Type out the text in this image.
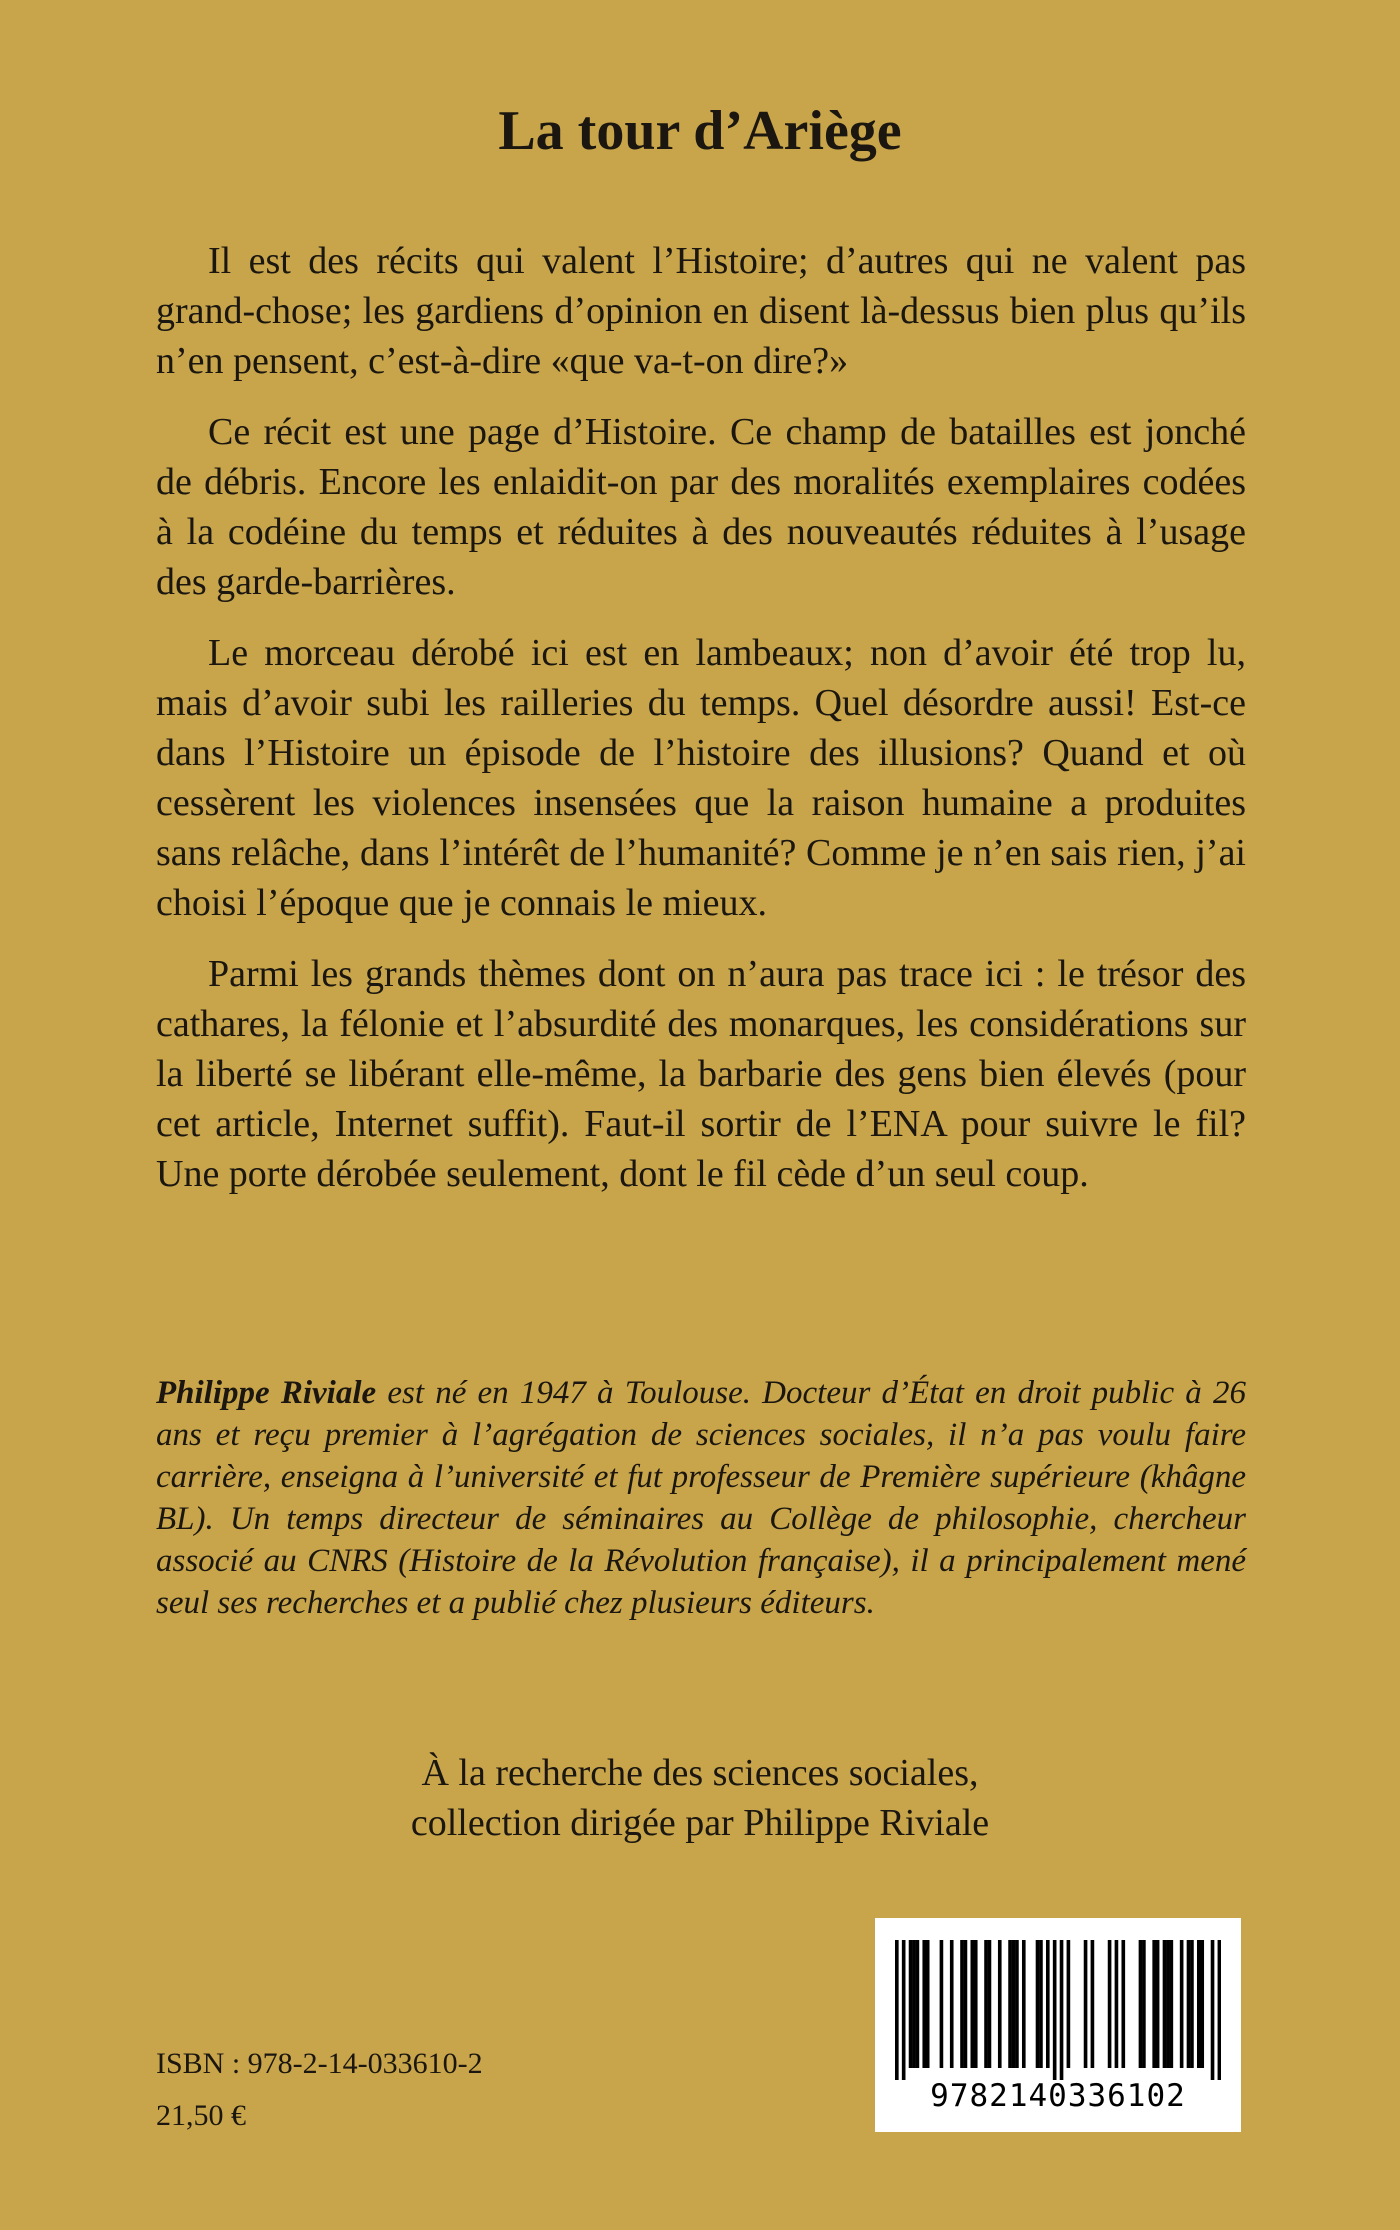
La tour d’Ariège

Il est des récits qui valent l’Histoire; d’autres qui ne valent pas grand-chose; les gardiens d’opinion en disent là-dessus bien plus qu’ils n’en pensent, c’est-à-dire «que va-t-on dire?»

Ce récit est une page d’Histoire. Ce champ de batailles est jonché de débris. Encore les enlaidit-on par des moralités exemplaires codées à la codéine du temps et réduites à des nouveautés réduites à l’usage des garde-barrières.

Le morceau dérobé ici est en lambeaux; non d’avoir été trop lu, mais d’avoir subi les railleries du temps. Quel désordre aussi! Est-ce dans l’Histoire un épisode de l’histoire des illusions? Quand et où cessèrent les violences insensées que la raison humaine a produites sans relâche, dans l’intérêt de l’humanité? Comme je n’en sais rien, j’ai choisi l’époque que je connais le mieux.

Parmi les grands thèmes dont on n’aura pas trace ici : le trésor des cathares, la félonie et l’absurdité des monarques, les considérations sur la liberté se libérant elle-même, la barbarie des gens bien élevés (pour cet article, Internet suffit). Faut-il sortir de l’ENA pour suivre le fil? Une porte dérobée seulement, dont le fil cède d’un seul coup.

Philippe Riviale est né en 1947 à Toulouse. Docteur d’État en droit public à 26 ans et reçu premier à l’agrégation de sciences sociales, il n’a pas voulu faire carrière, enseigna à l’université et fut professeur de Première supérieure (khâgne BL). Un temps directeur de séminaires au Collège de philosophie, chercheur associé au CNRS (Histoire de la Révolution française), il a principalement mené seul ses recherches et a publié chez plusieurs éditeurs.

À la recherche des sciences sociales,
collection dirigée par Philippe Riviale
ISBN : 978-2-14-033610-2
21,50 €
9782140336102
